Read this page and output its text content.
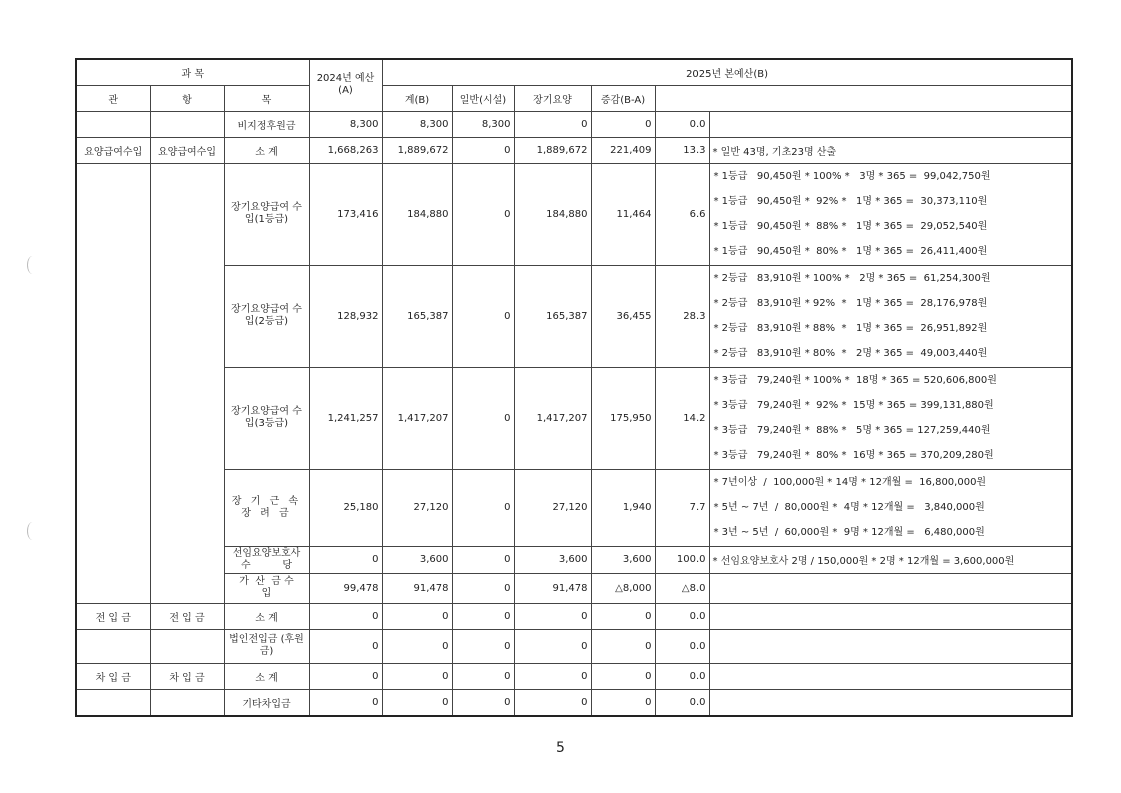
과 목			2024년 예산(A)	2025년 본예산(B)	
관	항	목		계(B)	일반(시설)	장기요양	증감(B-A)			
		비지정후원금	8,300	8,300	8,300	0	0	0.0		
요양급여수입	요양급여수입	소 계	1,668,263	1,889,672	0	1,889,672	221,409	13.3	* 일반 43명, 기초23명 산출	
		장기요양급여 수 입(1등급)	173,416	184,880	0	184,880	11,464	6.6	* 1등급   90,450원 * 100% *   3명 * 365 =  99,042,750원
* 1등급   90,450원 *  92% *   1명 * 365 =  30,373,110원
* 1등급   90,450원 *  88% *   1명 * 365 =  29,052,540원
* 1등급   90,450원 *  80% *   1명 * 365 =  26,411,400원	

		장기요양급여 수 입(2등급)	128,932	165,387	0	165,387	36,455	28.3	* 2등급   83,910원 * 100% *   2명 * 365 =  61,254,300원
* 2등급   83,910원 * 92%  *   1명 * 365 =  28,176,978원
* 2등급   83,910원 * 88%  *   1명 * 365 =  26,951,892원
* 2등급   83,910원 * 80%  *   2명 * 365 =  49,003,440원	

		장기요양급여 수 입(3등급)	1,241,257	1,417,207	0	1,417,207	175,950	14.2	* 3등급   79,240원 * 100% *  18명 * 365 = 520,606,800원
* 3등급   79,240원 *  92% *  15명 * 365 = 399,131,880원
* 3등급   79,240원 *  88% *   5명 * 365 = 127,259,440원
* 3등급   79,240원 *  80% *  16명 * 365 = 370,209,280원	

		장 기 근 속 장 려 금	25,180	27,120	0	27,120	1,940	7.7	* 7년이상  /  100,000원 * 14명 * 12개월 =  16,800,000원
* 5년 ~ 7년  /  80,000원 *  4명 * 12개월 =   3,840,000원
* 3년 ~ 5년  /  60,000원 *  9명 * 12개월 =   6,480,000원	

		선임요양보호사 수          당	0	3,600	0	3,600	3,600	100.0	* 선임요양보호사 2명 / 150,000원 * 2명 * 12개월 = 3,600,000원	
		가  산  금 수        입	99,478	91,478	0	91,478	△8,000	△8.0		
전 입 금	전 입 금	소 계	0	0	0	0	0	0.0		
		법인전입금 (후원금)	0	0	0	0	0	0.0		
차 입 금	차 입 금	소 계	0	0	0	0	0	0.0		
		기타차입금	0	0	0	0	0	0.0		
5
